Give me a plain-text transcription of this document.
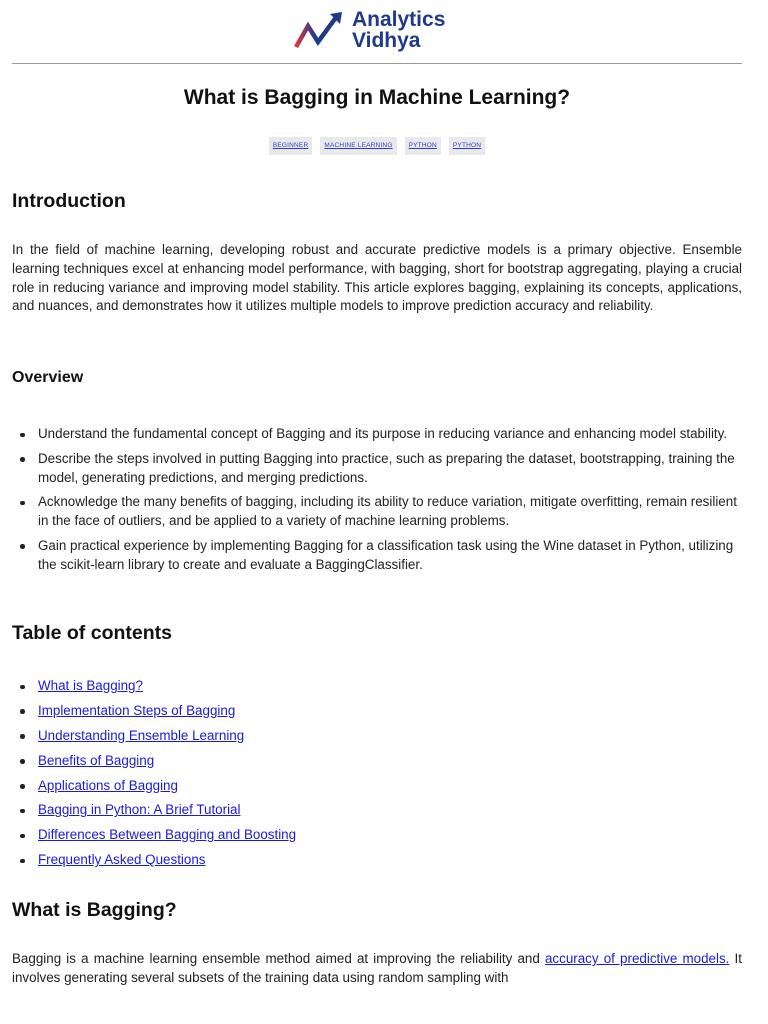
Analytics
Vidhya
What is Bagging in Machine Learning?
BEGINNER	MACHINE LEARNING	PYTHON	PYTHON
Introduction

In the field of machine learning, developing robust and accurate predictive models is a primary objective. Ensemble learning techniques excel at enhancing model performance, with bagging, short for bootstrap aggregating, playing a crucial role in reducing variance and improving model stability. This article explores bagging, explaining its concepts, applications, and nuances, and demonstrates how it utilizes multiple models to improve prediction accuracy and reliability.

Overview
Understand the fundamental concept of Bagging and its purpose in reducing variance and enhancing model stability.
Describe the steps involved in putting Bagging into practice, such as preparing the dataset, bootstrapping, training the model, generating predictions, and merging predictions.
Acknowledge the many benefits of bagging, including its ability to reduce variation, mitigate overfitting, remain resilient in the face of outliers, and be applied to a variety of machine learning problems.
Gain practical experience by implementing Bagging for a classification task using the Wine dataset in Python, utilizing the scikit-learn library to create and evaluate a BaggingClassifier.
Table of contents
What is Bagging?
Implementation Steps of Bagging
Understanding Ensemble Learning
Benefits of Bagging
Applications of Bagging
Bagging in Python: A Brief Tutorial
Differences Between Bagging and Boosting
Frequently Asked Questions
What is Bagging?

Bagging is a machine learning ensemble method aimed at improving the reliability and accuracy of predictive models. It involves generating several subsets of the training data using random sampling with
